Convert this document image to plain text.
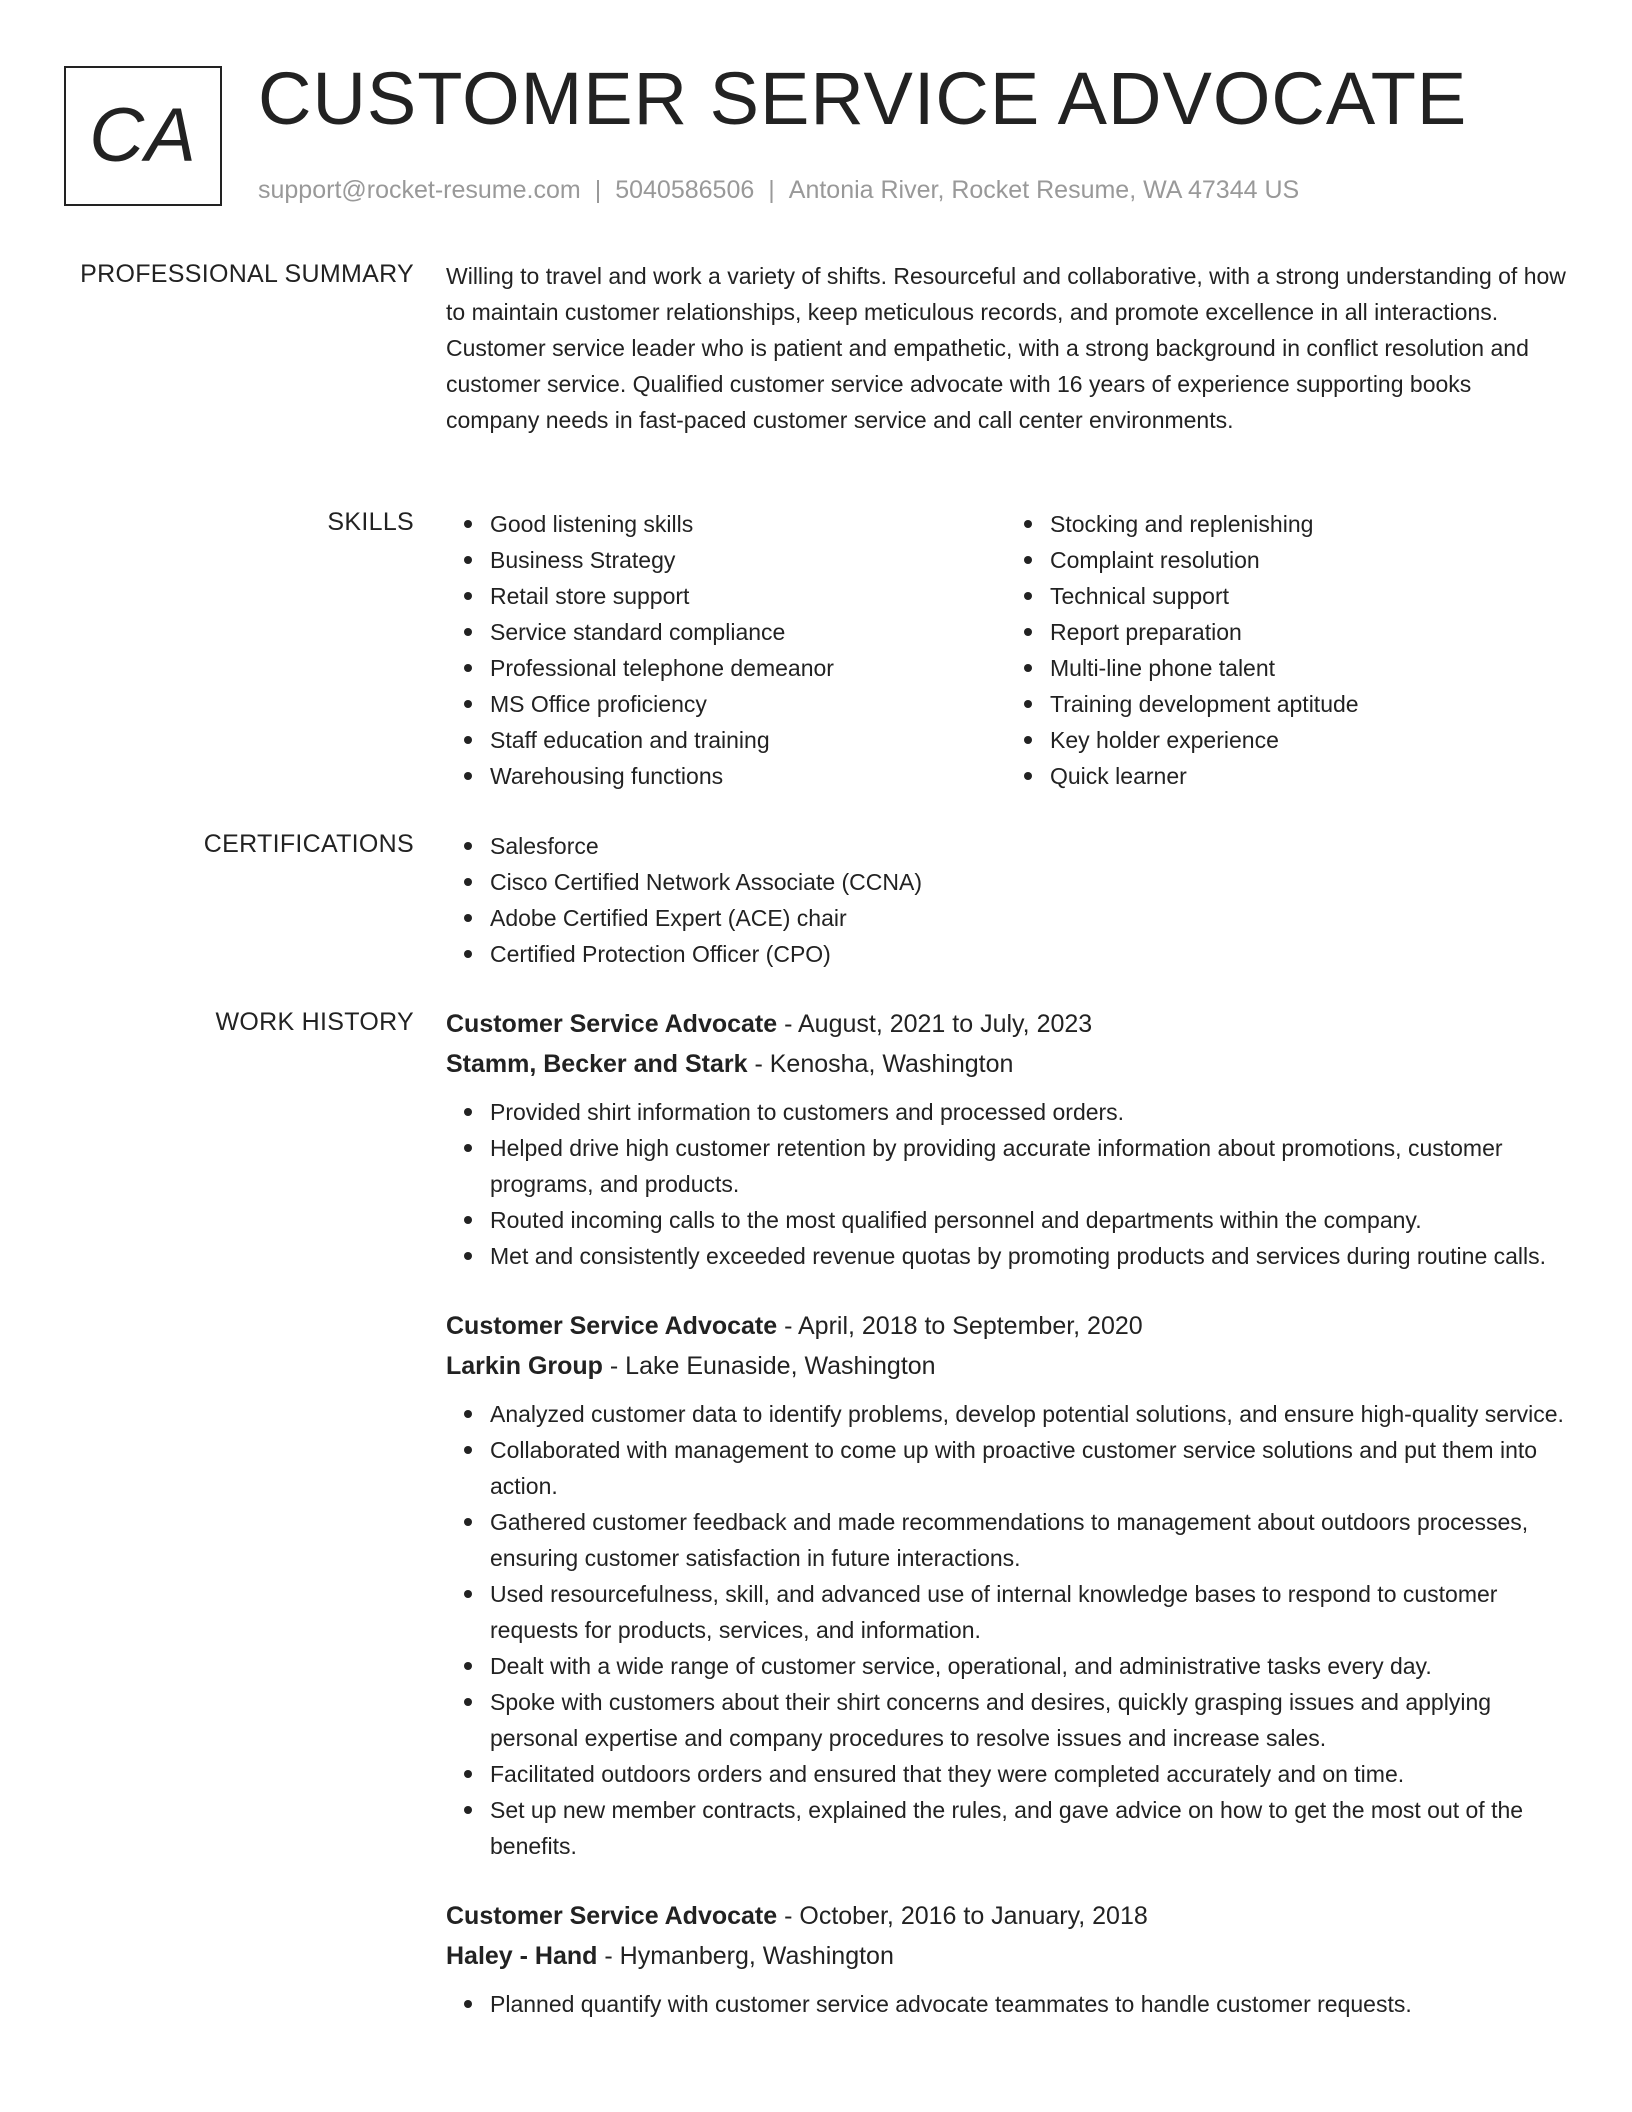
CA CUSTOMER SERVICE ADVOCATE
support@rocket-resume.com | 5040586506 | Antonia River, Rocket Resume, WA 47344 US
PROFESSIONAL SUMMARY Willing to travel and work a variety of shifts. Resourceful and collaborative, with a strong understanding of how to maintain customer relationships, keep meticulous records, and promote excellence in all interactions. Customer service leader who is patient and empathetic, with a strong background in conflict resolution and customer service. Qualified customer service advocate with 16 years of experience supporting books company needs in fast-paced customer service and call center environments.

SKILLS	Good listening skills
Business Strategy
Retail store support
Service standard compliance
Professional telephone demeanor
MS Office proficiency
Staff education and training
Warehousing functions
Stocking and replenishing
Complaint resolution
Technical support
Report preparation
Multi-line phone talent
Training development aptitude
Key holder experience
Quick learner
CERTIFICATIONS	Salesforce
Cisco Certified Network Associate (CCNA)
Adobe Certified Expert (ACE) chair
Certified Protection Officer (CPO)
WORK HISTORY Customer Service Advocate - August, 2021 to July, 2023
Stamm, Becker and Stark - Kenosha, Washington
Provided shirt information to customers and processed orders.
Helped drive high customer retention by providing accurate information about promotions, customer programs, and products.
Routed incoming calls to the most qualified personnel and departments within the company.
Met and consistently exceeded revenue quotas by promoting products and services during routine calls.
Customer Service Advocate - April, 2018 to September, 2020
Larkin Group - Lake Eunaside, Washington
Analyzed customer data to identify problems, develop potential solutions, and ensure high-quality service.
Collaborated with management to come up with proactive customer service solutions and put them into action.
Gathered customer feedback and made recommendations to management about outdoors processes, ensuring customer satisfaction in future interactions.
Used resourcefulness, skill, and advanced use of internal knowledge bases to respond to customer requests for products, services, and information.
Dealt with a wide range of customer service, operational, and administrative tasks every day.
Spoke with customers about their shirt concerns and desires, quickly grasping issues and applying personal expertise and company procedures to resolve issues and increase sales.
Facilitated outdoors orders and ensured that they were completed accurately and on time.
Set up new member contracts, explained the rules, and gave advice on how to get the most out of the benefits.
Customer Service Advocate - October, 2016 to January, 2018
Haley - Hand - Hymanberg, Washington
Planned quantify with customer service advocate teammates to handle customer requests.
